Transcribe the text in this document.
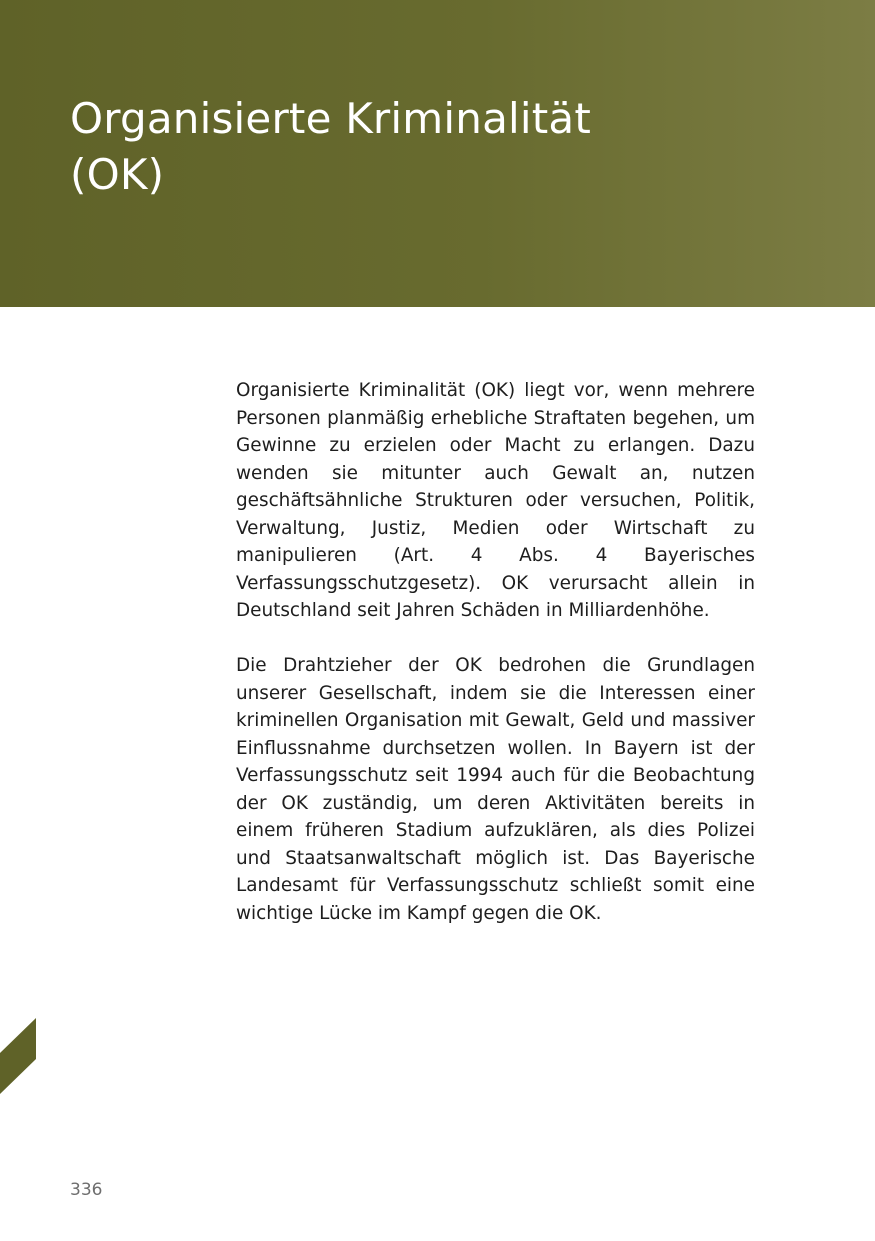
Organisierte Kriminalität
(OK)

Organisierte Kriminalität (OK) liegt vor, wenn mehrere Personen planmäßig erhebliche Straftaten begehen, um Gewinne zu erzielen oder Macht zu erlangen. Dazu wenden sie mitunter auch Gewalt an, nutzen geschäftsähnliche Strukturen oder versuchen, Politik, Verwaltung, Justiz, Medien oder Wirtschaft zu manipulieren (Art. 4 Abs. 4 Bayerisches Verfassungsschutzgesetz). OK verursacht allein in Deutschland seit Jahren Schäden in Milliardenhöhe.

Die Drahtzieher der OK bedrohen die Grundlagen unserer Gesellschaft, indem sie die Interessen einer kriminellen Organisation mit Gewalt, Geld und massiver Einflussnahme durchsetzen wollen. In Bayern ist der Verfassungsschutz seit 1994 auch für die Beobachtung der OK zuständig, um deren Aktivitäten bereits in einem früheren Stadium aufzuklären, als dies Polizei und Staatsanwaltschaft möglich ist. Das Bayerische Landesamt für Verfassungsschutz schließt somit eine wichtige Lücke im Kampf gegen die OK.

336
